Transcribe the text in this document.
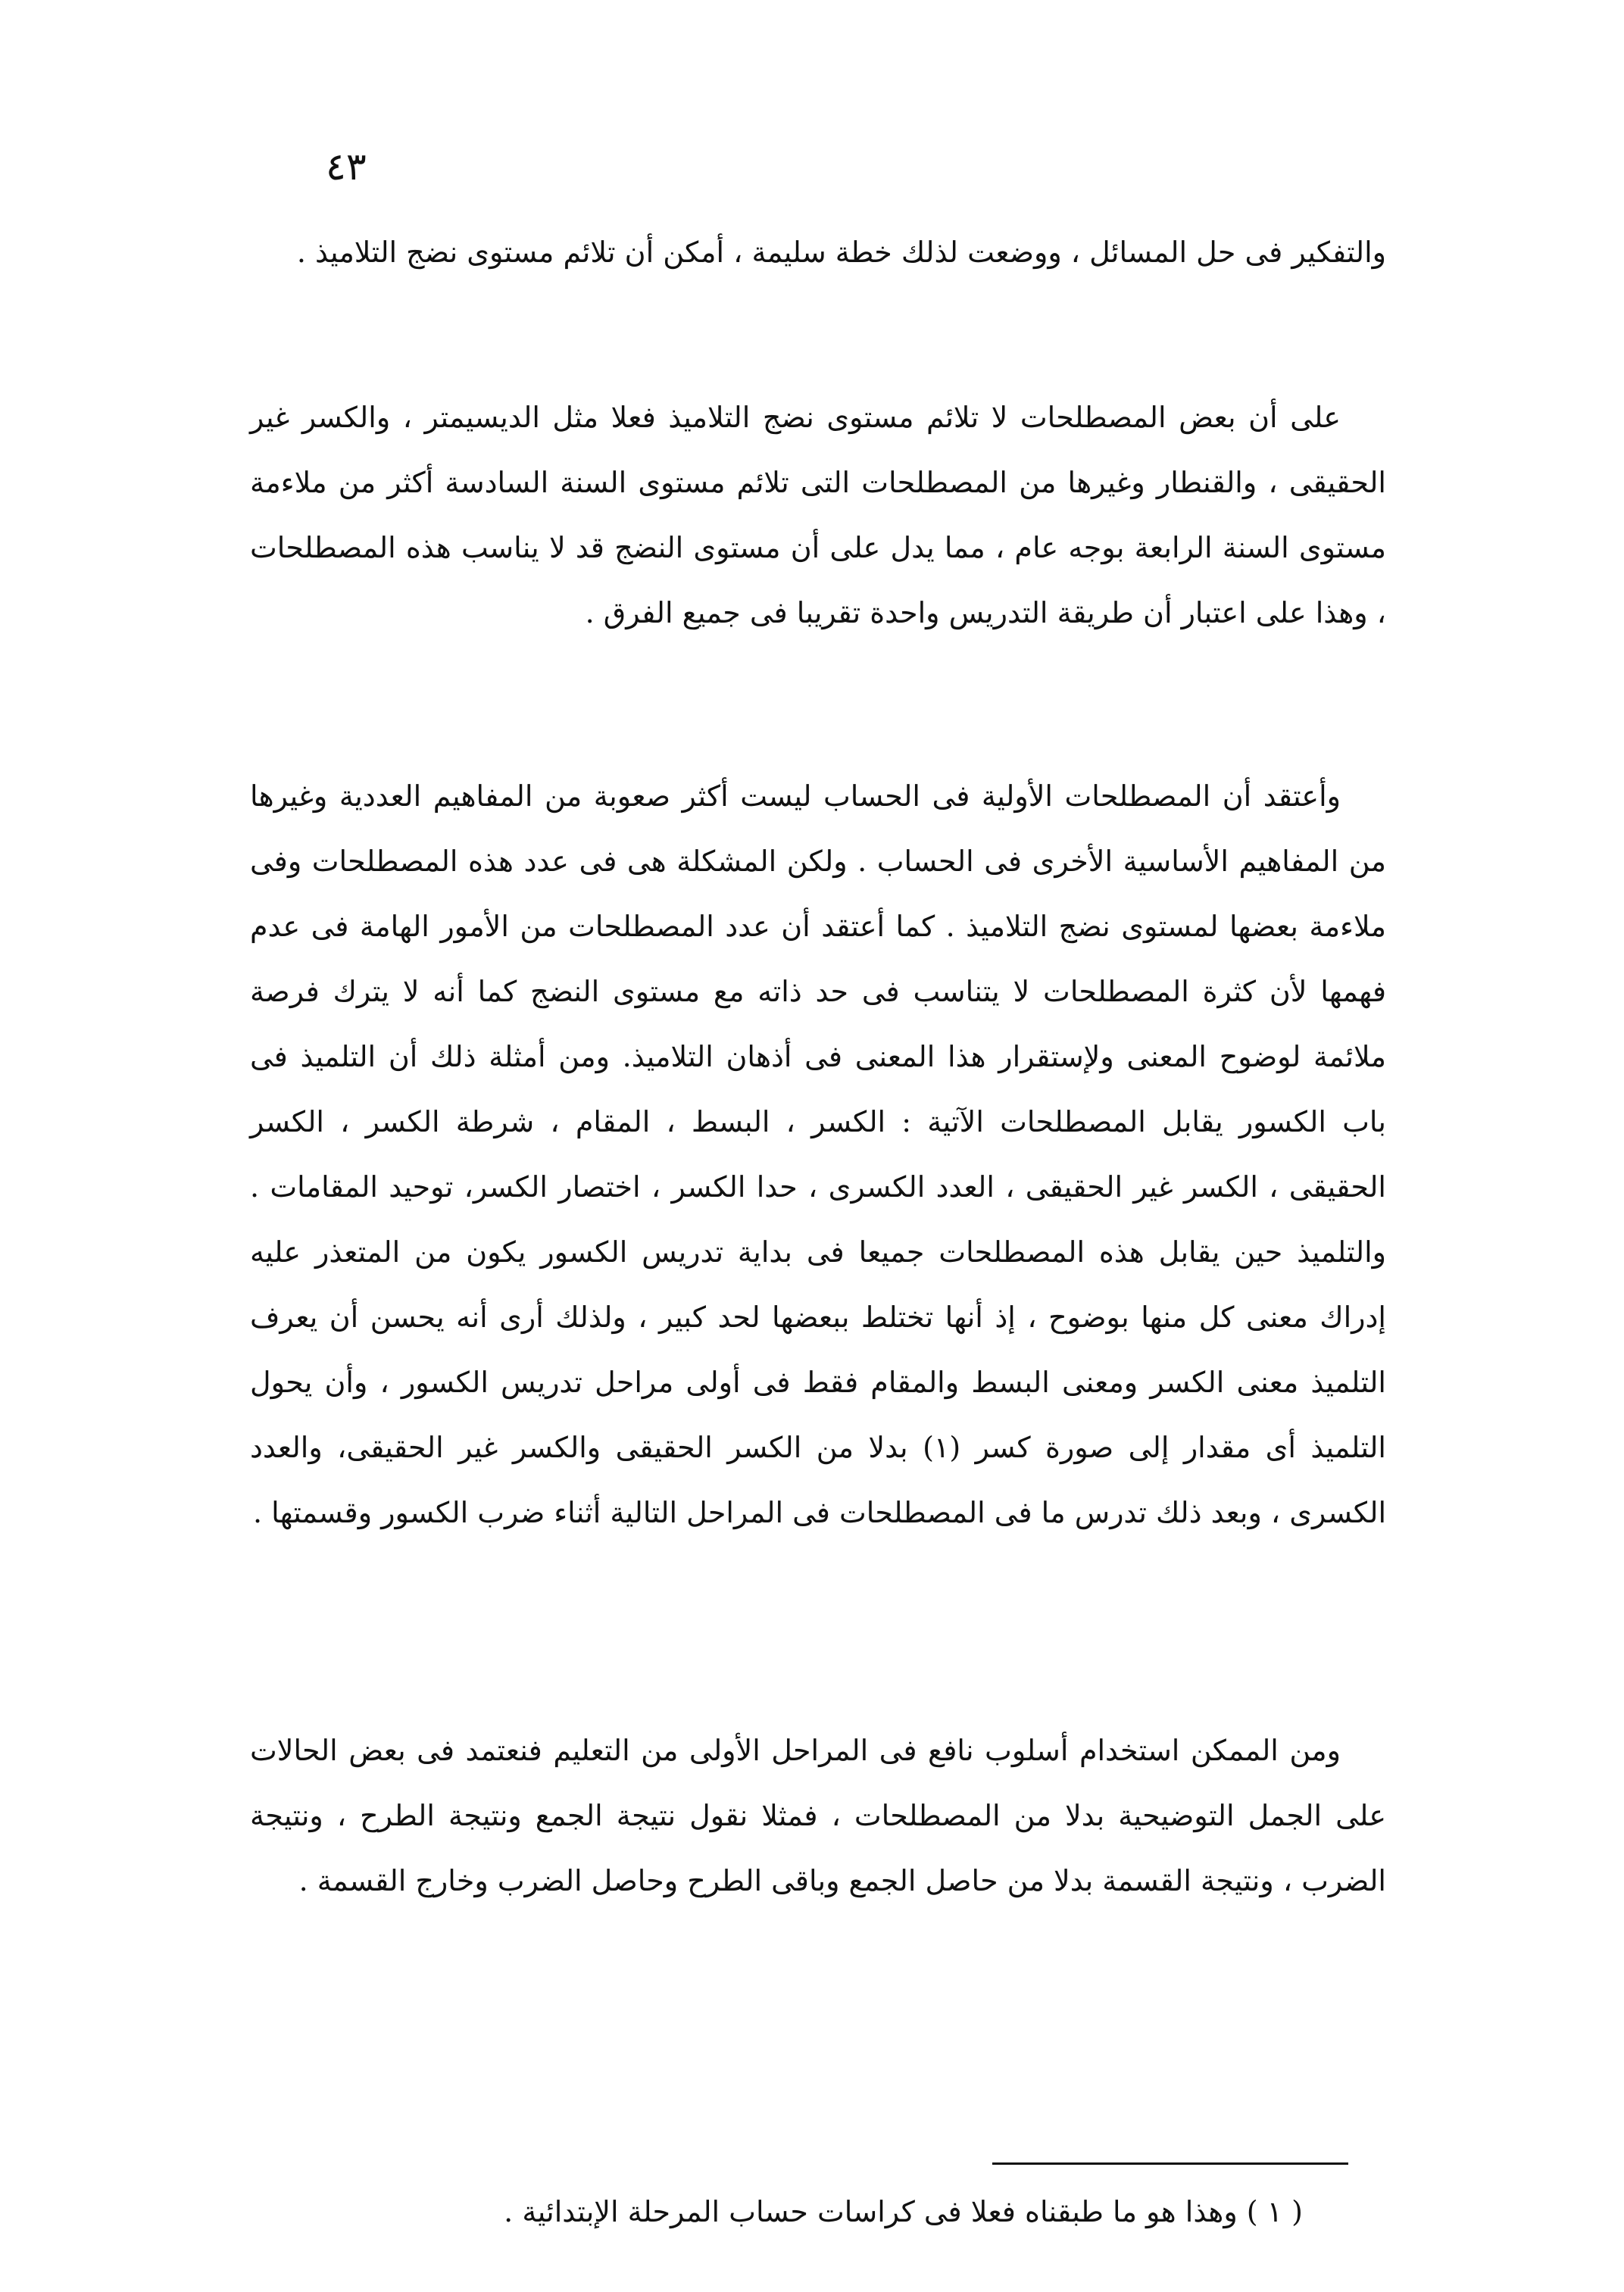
٤٣

والتفكير فى حل المسائل ، ووضعت لذلك خطة سليمة ، أمكن أن تلائم مستوى نضج التلاميذ .

على أن بعض المصطلحات لا تلائم مستوى نضج التلاميذ فعلا مثل الديسيمتر ، والكسر غير الحقيقى ، والقنطار وغيرها من المصطلحات التى تلائم مستوى السنة السادسة أكثر من ملاءمة مستوى السنة الرابعة بوجه عام ، مما يدل على أن مستوى النضج قد لا يناسب هذه المصطلحات ، وهذا على اعتبار أن طريقة التدريس واحدة تقريبا فى جميع الفرق .

وأعتقد أن المصطلحات الأولية فى الحساب ليست أكثر صعوبة من المفاهيم العددية وغيرها من المفاهيم الأساسية الأخرى فى الحساب . ولكن المشكلة هى فى عدد هذه المصطلحات وفى ملاءمة بعضها لمستوى نضج التلاميذ . كما أعتقد أن عدد المصطلحات من الأمور الهامة فى عدم فهمها لأن كثرة المصطلحات لا يتناسب فى حد ذاته مع مستوى النضج كما أنه لا يترك فرصة ملائمة لوضوح المعنى ولإستقرار هذا المعنى فى أذهان التلاميذ. ومن أمثلة ذلك أن التلميذ فى باب الكسور يقابل المصطلحات الآتية : الكسر ، البسط ، المقام ، شرطة الكسر ، الكسر الحقيقى ، الكسر غير الحقيقى ، العدد الكسرى ، حدا الكسر ، اختصار الكسر، توحيد المقامات . والتلميذ حين يقابل هذه المصطلحات جميعا فى بداية تدريس الكسور يكون من المتعذر عليه إدراك معنى كل منها بوضوح ، إذ أنها تختلط ببعضها لحد كبير ، ولذلك أرى أنه يحسن أن يعرف التلميذ معنى الكسر ومعنى البسط والمقام فقط فى أولى مراحل تدريس الكسور ، وأن يحول التلميذ أى مقدار إلى صورة كسر (١) بدلا من الكسر الحقيقى والكسر غير الحقيقى، والعدد الكسرى ، وبعد ذلك تدرس ما فى المصطلحات فى المراحل التالية أثناء ضرب الكسور وقسمتها .

ومن الممكن استخدام أسلوب نافع فى المراحل الأولى من التعليم فنعتمد فى بعض الحالات على الجمل التوضيحية بدلا من المصطلحات ، فمثلا نقول نتيجة الجمع ونتيجة الطرح ، ونتيجة الضرب ، ونتيجة القسمة بدلا من حاصل الجمع وباقى الطرح وحاصل الضرب وخارج القسمة .

( ١ ) وهذا هو ما طبقناه فعلا فى كراسات حساب المرحلة الإبتدائية .
